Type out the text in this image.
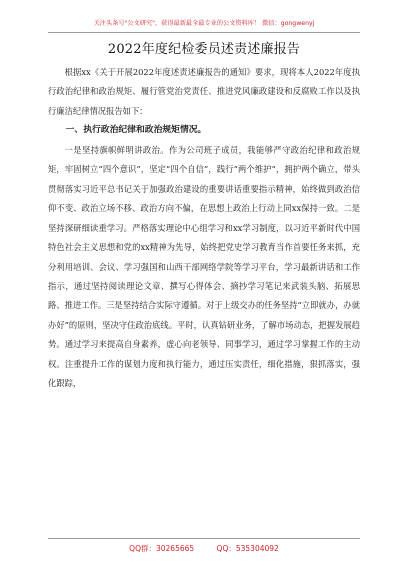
关注头条号"公文研究"，获得最新最全最专业的公文资料库！ 微信：gongwenyj
2022年度纪检委员述责述廉报告

根据xx《关于开展2022年度述责述廉报告的通知》要求，现将本人2022年度执行政治纪律和政治规矩、履行管党治党责任、推进党风廉政建设和反腐败工作以及执行廉洁纪律情况报告如下：

一、执行政治纪律和政治规矩情况。

一是坚持旗帜鲜明讲政治。作为公司班子成员，我能够严守政治纪律和政治规矩，牢固树立“四个意识”，坚定“四个自信”，践行“两个维护”，拥护两个确立，带头贯彻落实习近平总书记关于加强政治建设的重要讲话重要指示精神，始终做到政治信仰不变、政治立场不移、政治方向不偏，在思想上政治上行动上同xx保持一致。二是坚持深研细读重学习。严格落实理论中心组学习和xx学习制度，以习近平新时代中国特色社会主义思想和党的xx精神为先导，始终把党史学习教育当作首要任务来抓，充分利用培训、会议、学习强国和山西干部网络学院等学习平台，学习最新讲话和工作指示，通过坚持阅读理论文章、撰写心得体会、摘抄学习笔记来武装头脑、拓展思路、推进工作。三是坚持结合实际守遵循。对于上级交办的任务坚持“立即就办，办就办好”的原则，坚决守住政治底线。平时，认真钻研业务，了解市场动态，把握发展趋势。通过学习来提高自身素养，虚心向老领导、同事学习，通过学习掌握工作的主动权。注重提升工作的谋划力度和执行能力，通过压实责任，细化措施，狠抓落实，强化跟踪，

QQ群：30265665	QQ：535304092
